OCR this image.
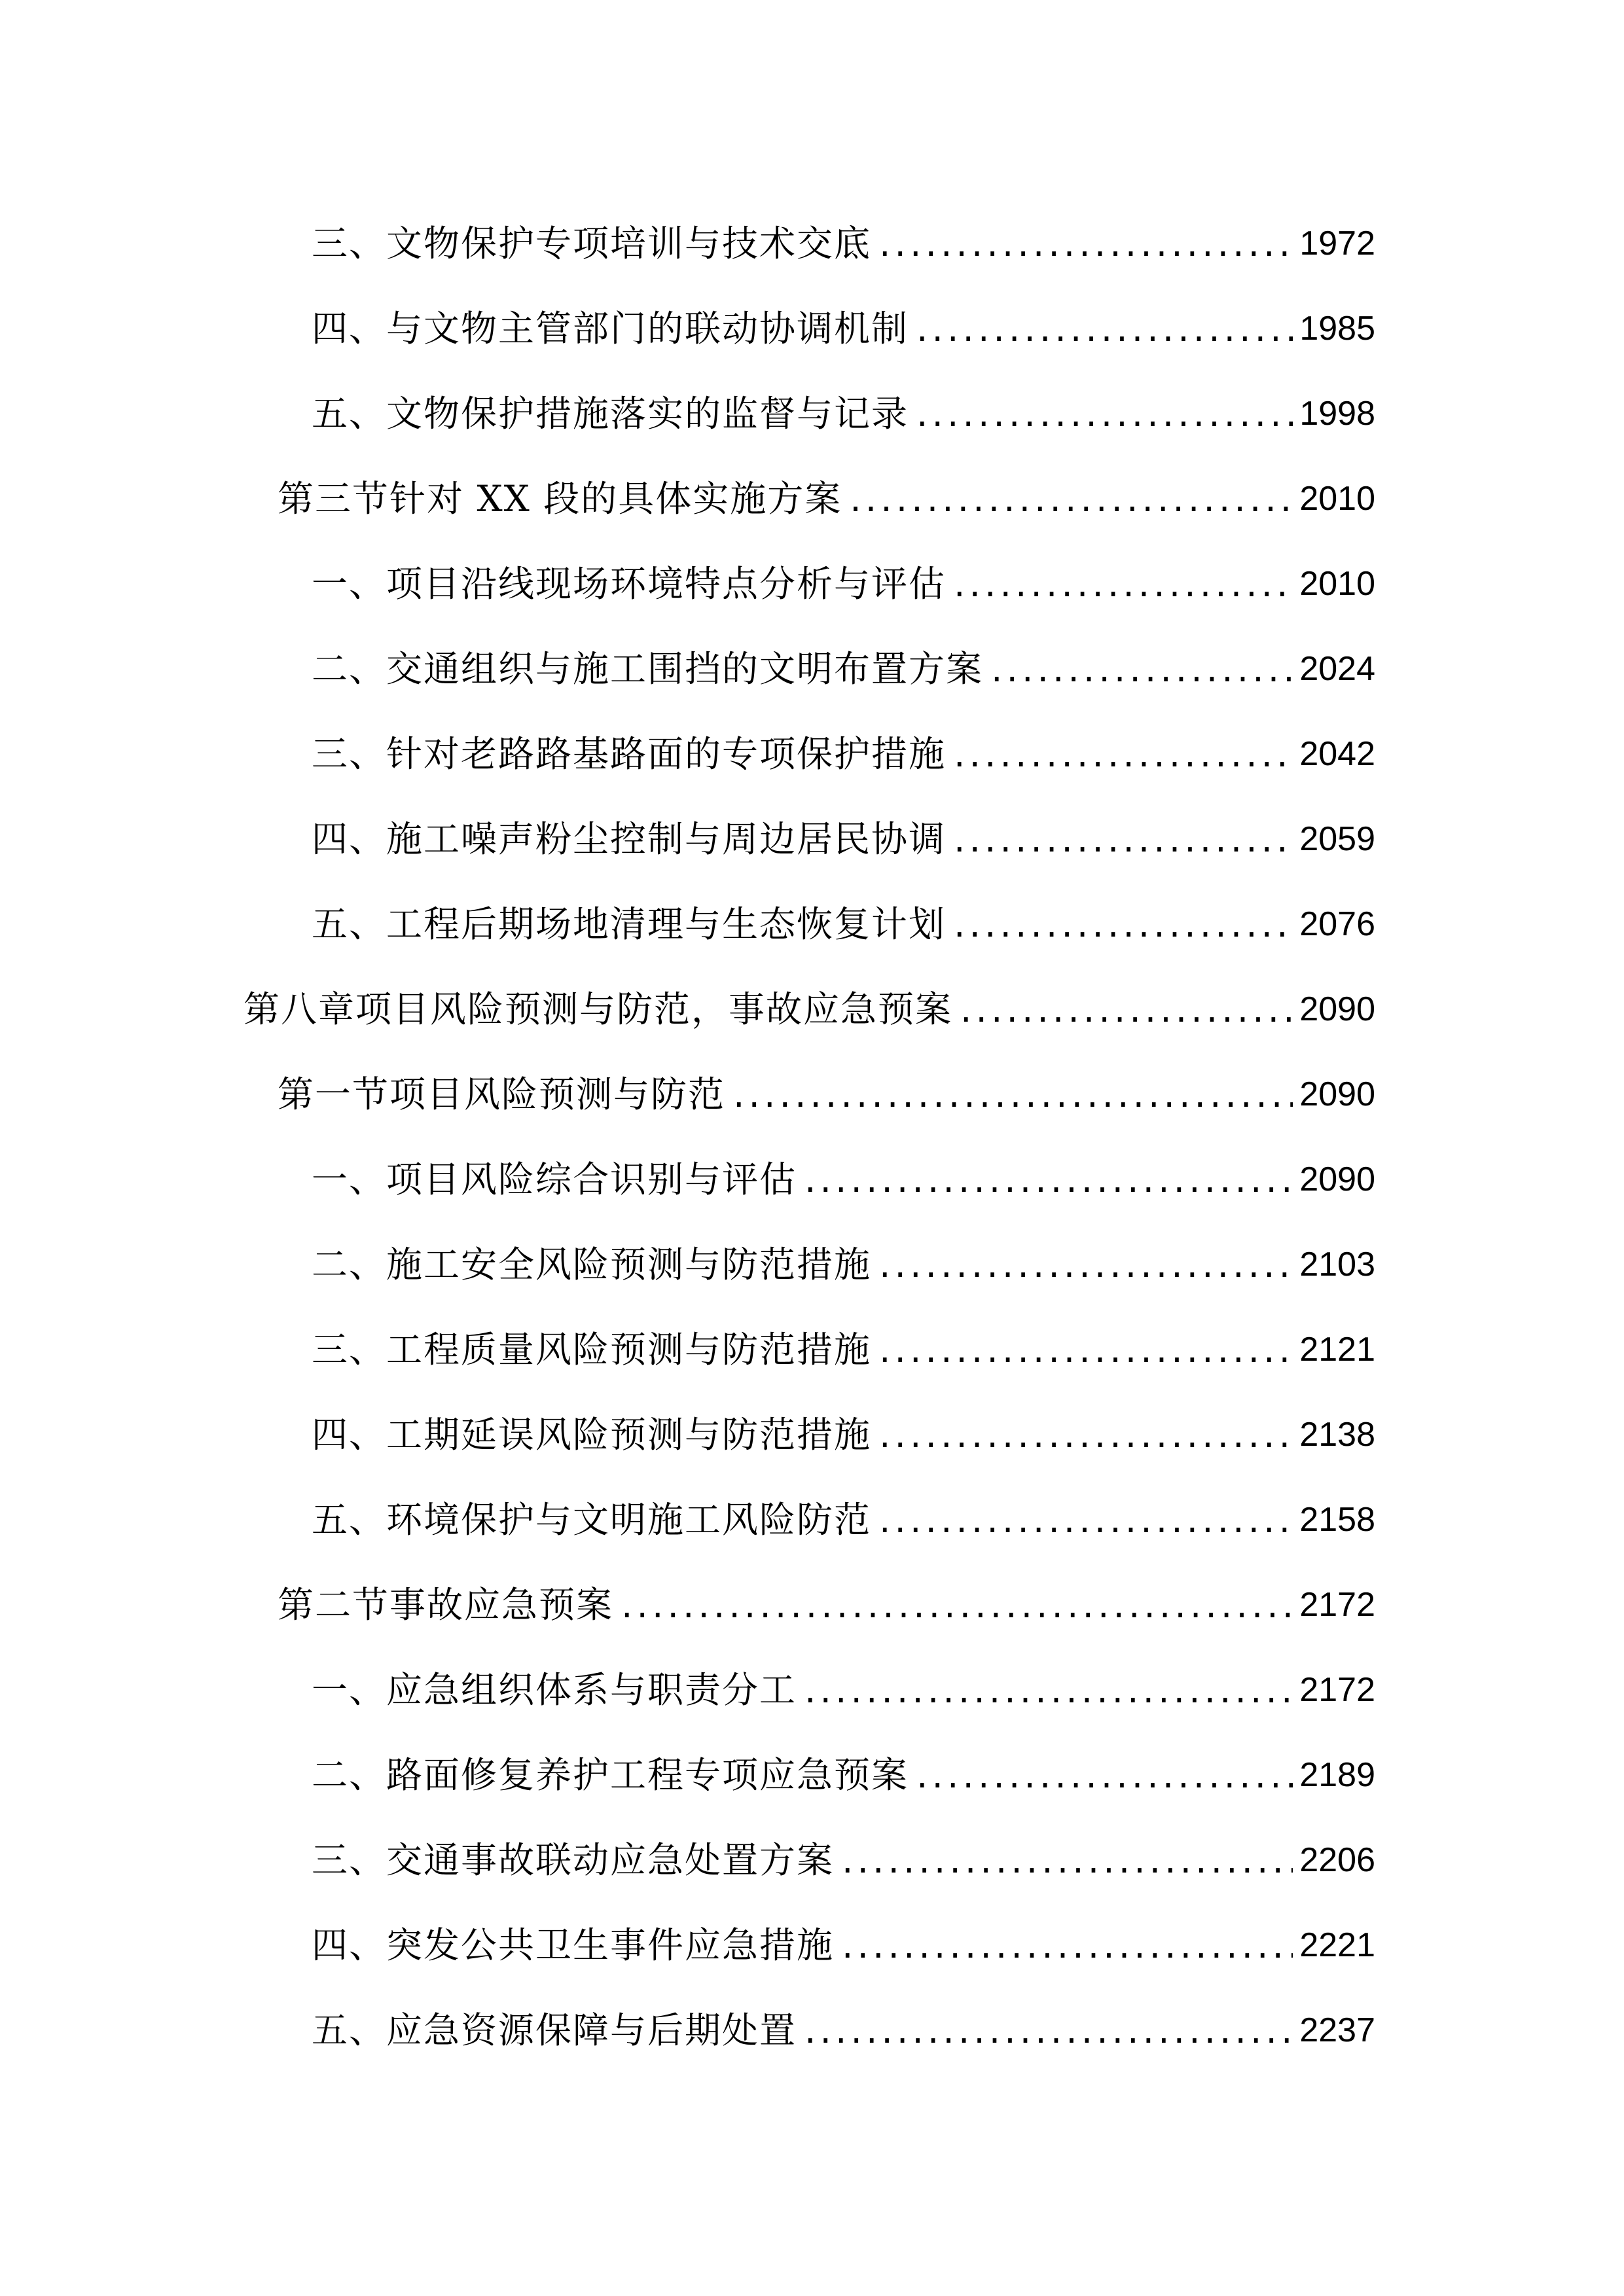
三、文物保护专项培训与技术交底 .....	1972
四、与文物主管部门的联动协调机制 .....	1985
五、文物保护措施落实的监督与记录 .....	1998
第三节针对 XX 段的具体实施方案 .....	2010
一、项目沿线现场环境特点分析与评估 .....	2010
二、交通组织与施工围挡的文明布置方案 .....	2024
三、针对老路路基路面的专项保护措施 .....	2042
四、施工噪声粉尘控制与周边居民协调 .....	2059
五、工程后期场地清理与生态恢复计划 .....	2076
第八章项目风险预测与防范，事故应急预案 .....	2090
第一节项目风险预测与防范 .....	2090
一、项目风险综合识别与评估 .....	2090
二、施工安全风险预测与防范措施 .....	2103
三、工程质量风险预测与防范措施 .....	2121
四、工期延误风险预测与防范措施 .....	2138
五、环境保护与文明施工风险防范 .....	2158
第二节事故应急预案 .....	2172
一、应急组织体系与职责分工 .....	2172
二、路面修复养护工程专项应急预案 .....	2189
三、交通事故联动应急处置方案 .....	2206
四、突发公共卫生事件应急措施 .....	2221
五、应急资源保障与后期处置 .....	2237
